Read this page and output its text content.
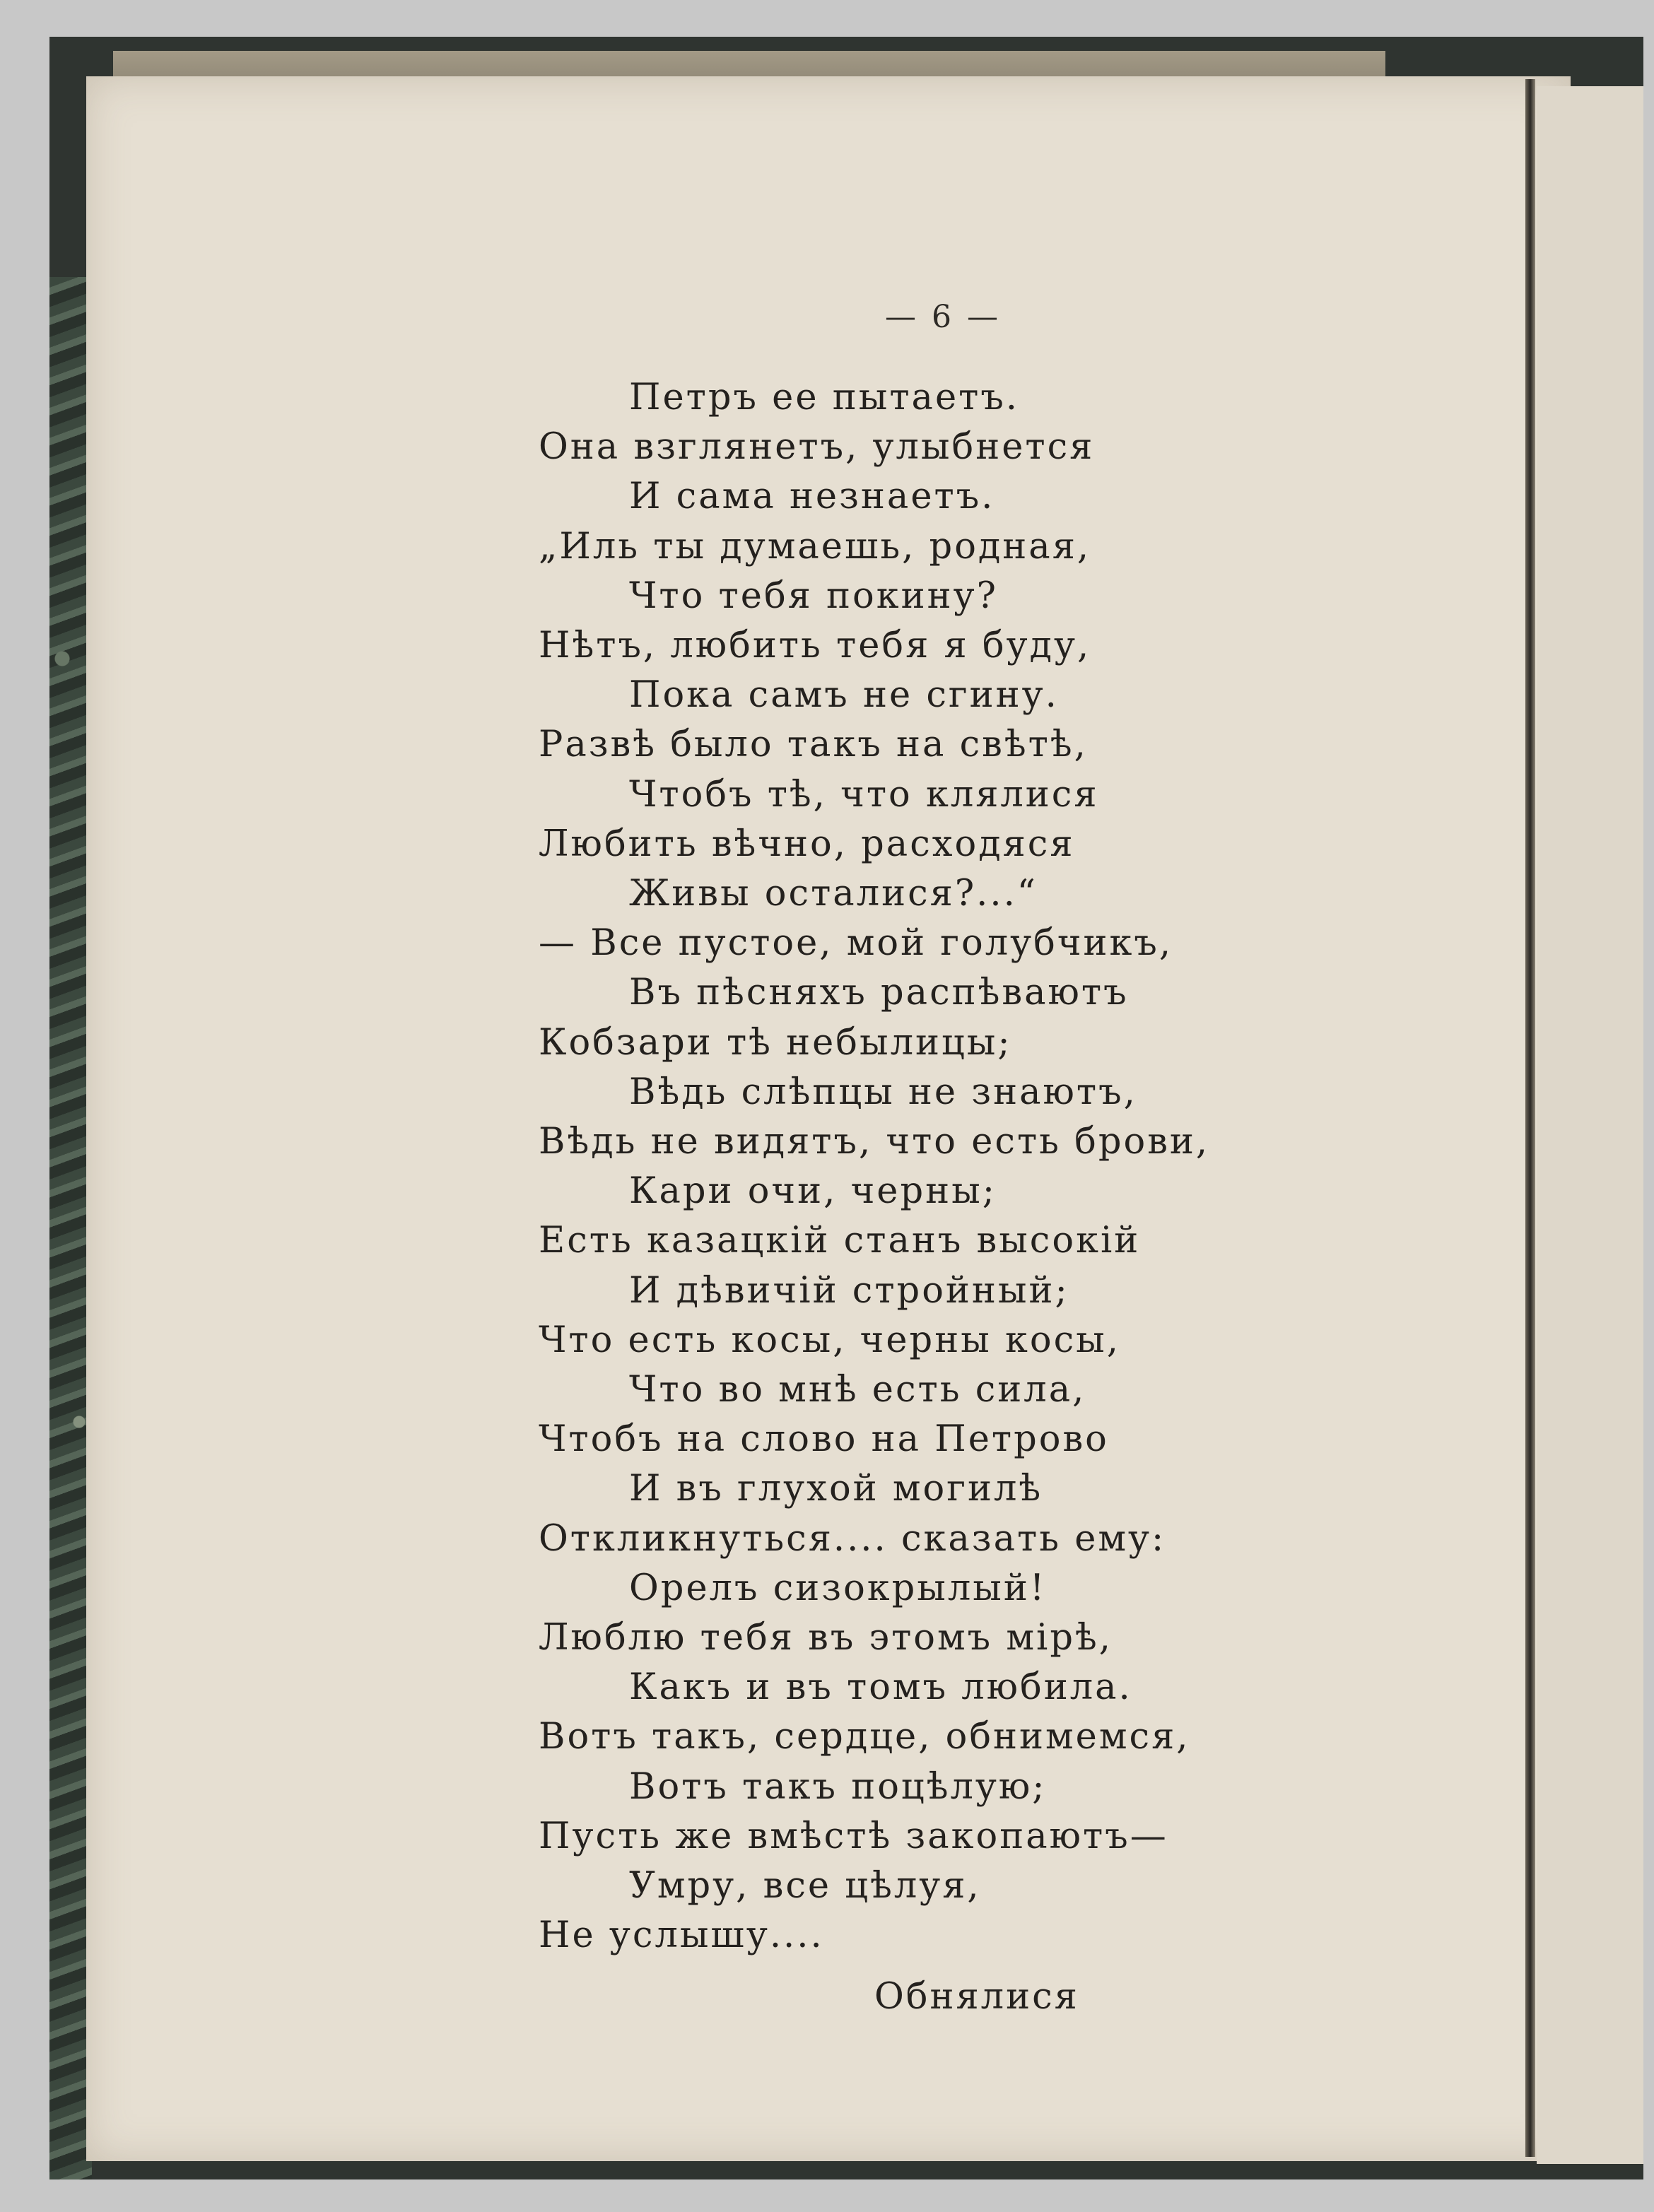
— 6 —
Петръ ее пытаетъ.
Она взглянетъ, улыбнется
И сама незнаетъ.
„Иль ты думаешь, родная,
Что тебя покину?
Нѣтъ, любить тебя я буду,
Пока самъ не сгину.
Развѣ было такъ на свѣтѣ,
Чтобъ тѣ, что клялися
Любить вѣчно, расходяся
Живы осталися?...“
— Все пустое, мой голубчикъ,
Въ пѣсняхъ распѣваютъ
Кобзари тѣ небылицы;
Вѣдь слѣпцы не знаютъ,
Вѣдь не видятъ, что есть брови,
Кари очи, черны;
Есть казацкій станъ высокій
И дѣвичій стройный;
Что есть косы, черны косы,
Что во мнѣ есть сила,
Чтобъ на слово на Петрово
И въ глухой могилѣ
Откликнуться.... сказать ему:
Орелъ сизокрылый!
Люблю тебя въ этомъ мірѣ,
Какъ и въ томъ любила.
Вотъ такъ, сердце, обнимемся,
Вотъ такъ поцѣлую;
Пусть же вмѣстѣ закопаютъ—
Умру, все цѣлуя,
Не услышу....
Обнялися
